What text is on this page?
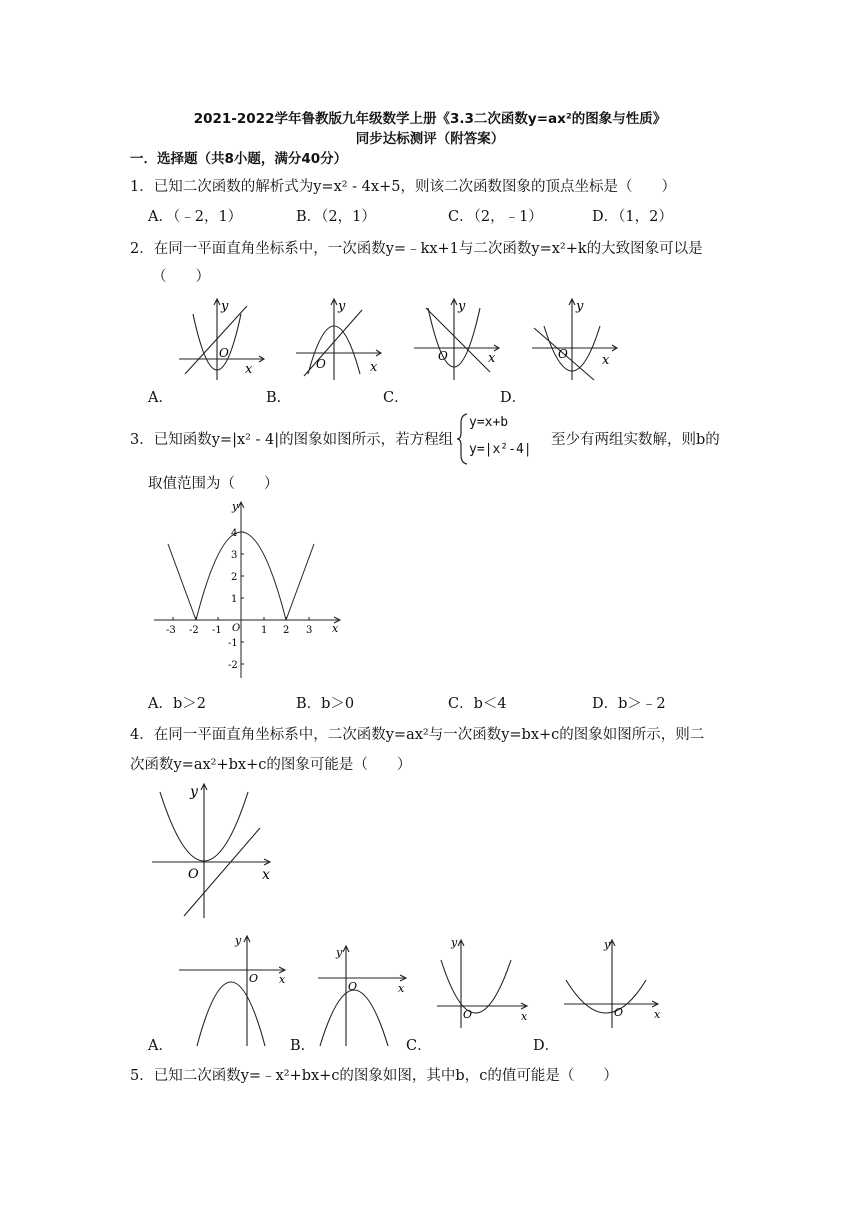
2021-2022学年鲁教版九年级数学上册《3.3二次函数y=ax²的图象与性质》
同步达标测评（附答案）
一．选择题（共8小题，满分40分）
1．已知二次函数的解析式为y=x² - 4x+5，则该二次函数图象的顶点坐标是（　　）
A．（﹣2，1）	B．（2，1）	C．（2，﹣1）	D．（1，2）
2．在同一平面直角坐标系中，一次函数y=﹣kx+1与二次函数y=x²+k的大致图象可以是
（　　）
y
O
x
y
O	x
y
O	x
y
O	x
A．	B．	C．	D．
3．已知函数y=|x² - 4|的图象如图所示，若方程组
y=x+b
y=|x²-4|
至少有两组实数解，则b的
取值范围为（　　）
-3 -2 -1	1 2 3
4
3
2
1
-1
-2
O	x
y
A．b＞2	B．b＞0	C．b＜4	D．b＞﹣2
4．在同一平面直角坐标系中，二次函数y=ax²与一次函数y=bx+c的图象如图所示，则二
次函数y=ax²+bx+c的图象可能是（　　）
y
O	x
y
O x
y
O	x
y
O	x
y
O	x
A．	B．	C．	D．
5．已知二次函数y=﹣x²+bx+c的图象如图，其中b，c的值可能是（　　）
